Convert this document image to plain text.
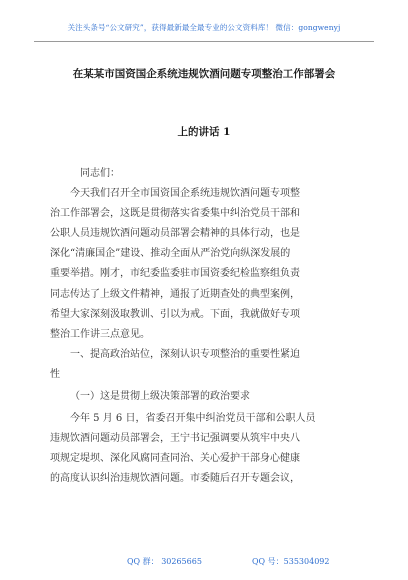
关注头条号“公文研究”，获得最新最全最专业的公文资料库！ 微信：gongwenyj
在某某市国资国企系统违规饮酒问题专项整治工作部署会
上的讲话 1

同志们：

今天我们召开全市国资国企系统违规饮酒问题专项整

治工作部署会，这既是贯彻落实省委集中纠治党员干部和

公职人员违规饮酒问题动员部署会精神的具体行动，也是

深化“清廉国企”建设、推动全面从严治党向纵深发展的

重要举措。刚才，市纪委监委驻市国资委纪检监察组负责

同志传达了上级文件精神，通报了近期查处的典型案例，

希望大家深刻汲取教训、引以为戒。下面，我就做好专项

整治工作讲三点意见。

一、提高政治站位，深刻认识专项整治的重要性紧迫

性

（一）这是贯彻上级决策部署的政治要求

今年 5 月 6 日，省委召开集中纠治党员干部和公职人员

违规饮酒问题动员部署会，王宁书记强调要从筑牢中央八

项规定堤坝、深化风腐同查同治、关心爱护干部身心健康

的高度认识纠治违规饮酒问题。市委随后召开专题会议，

QQ 群： 30265665	QQ 号：535304092
